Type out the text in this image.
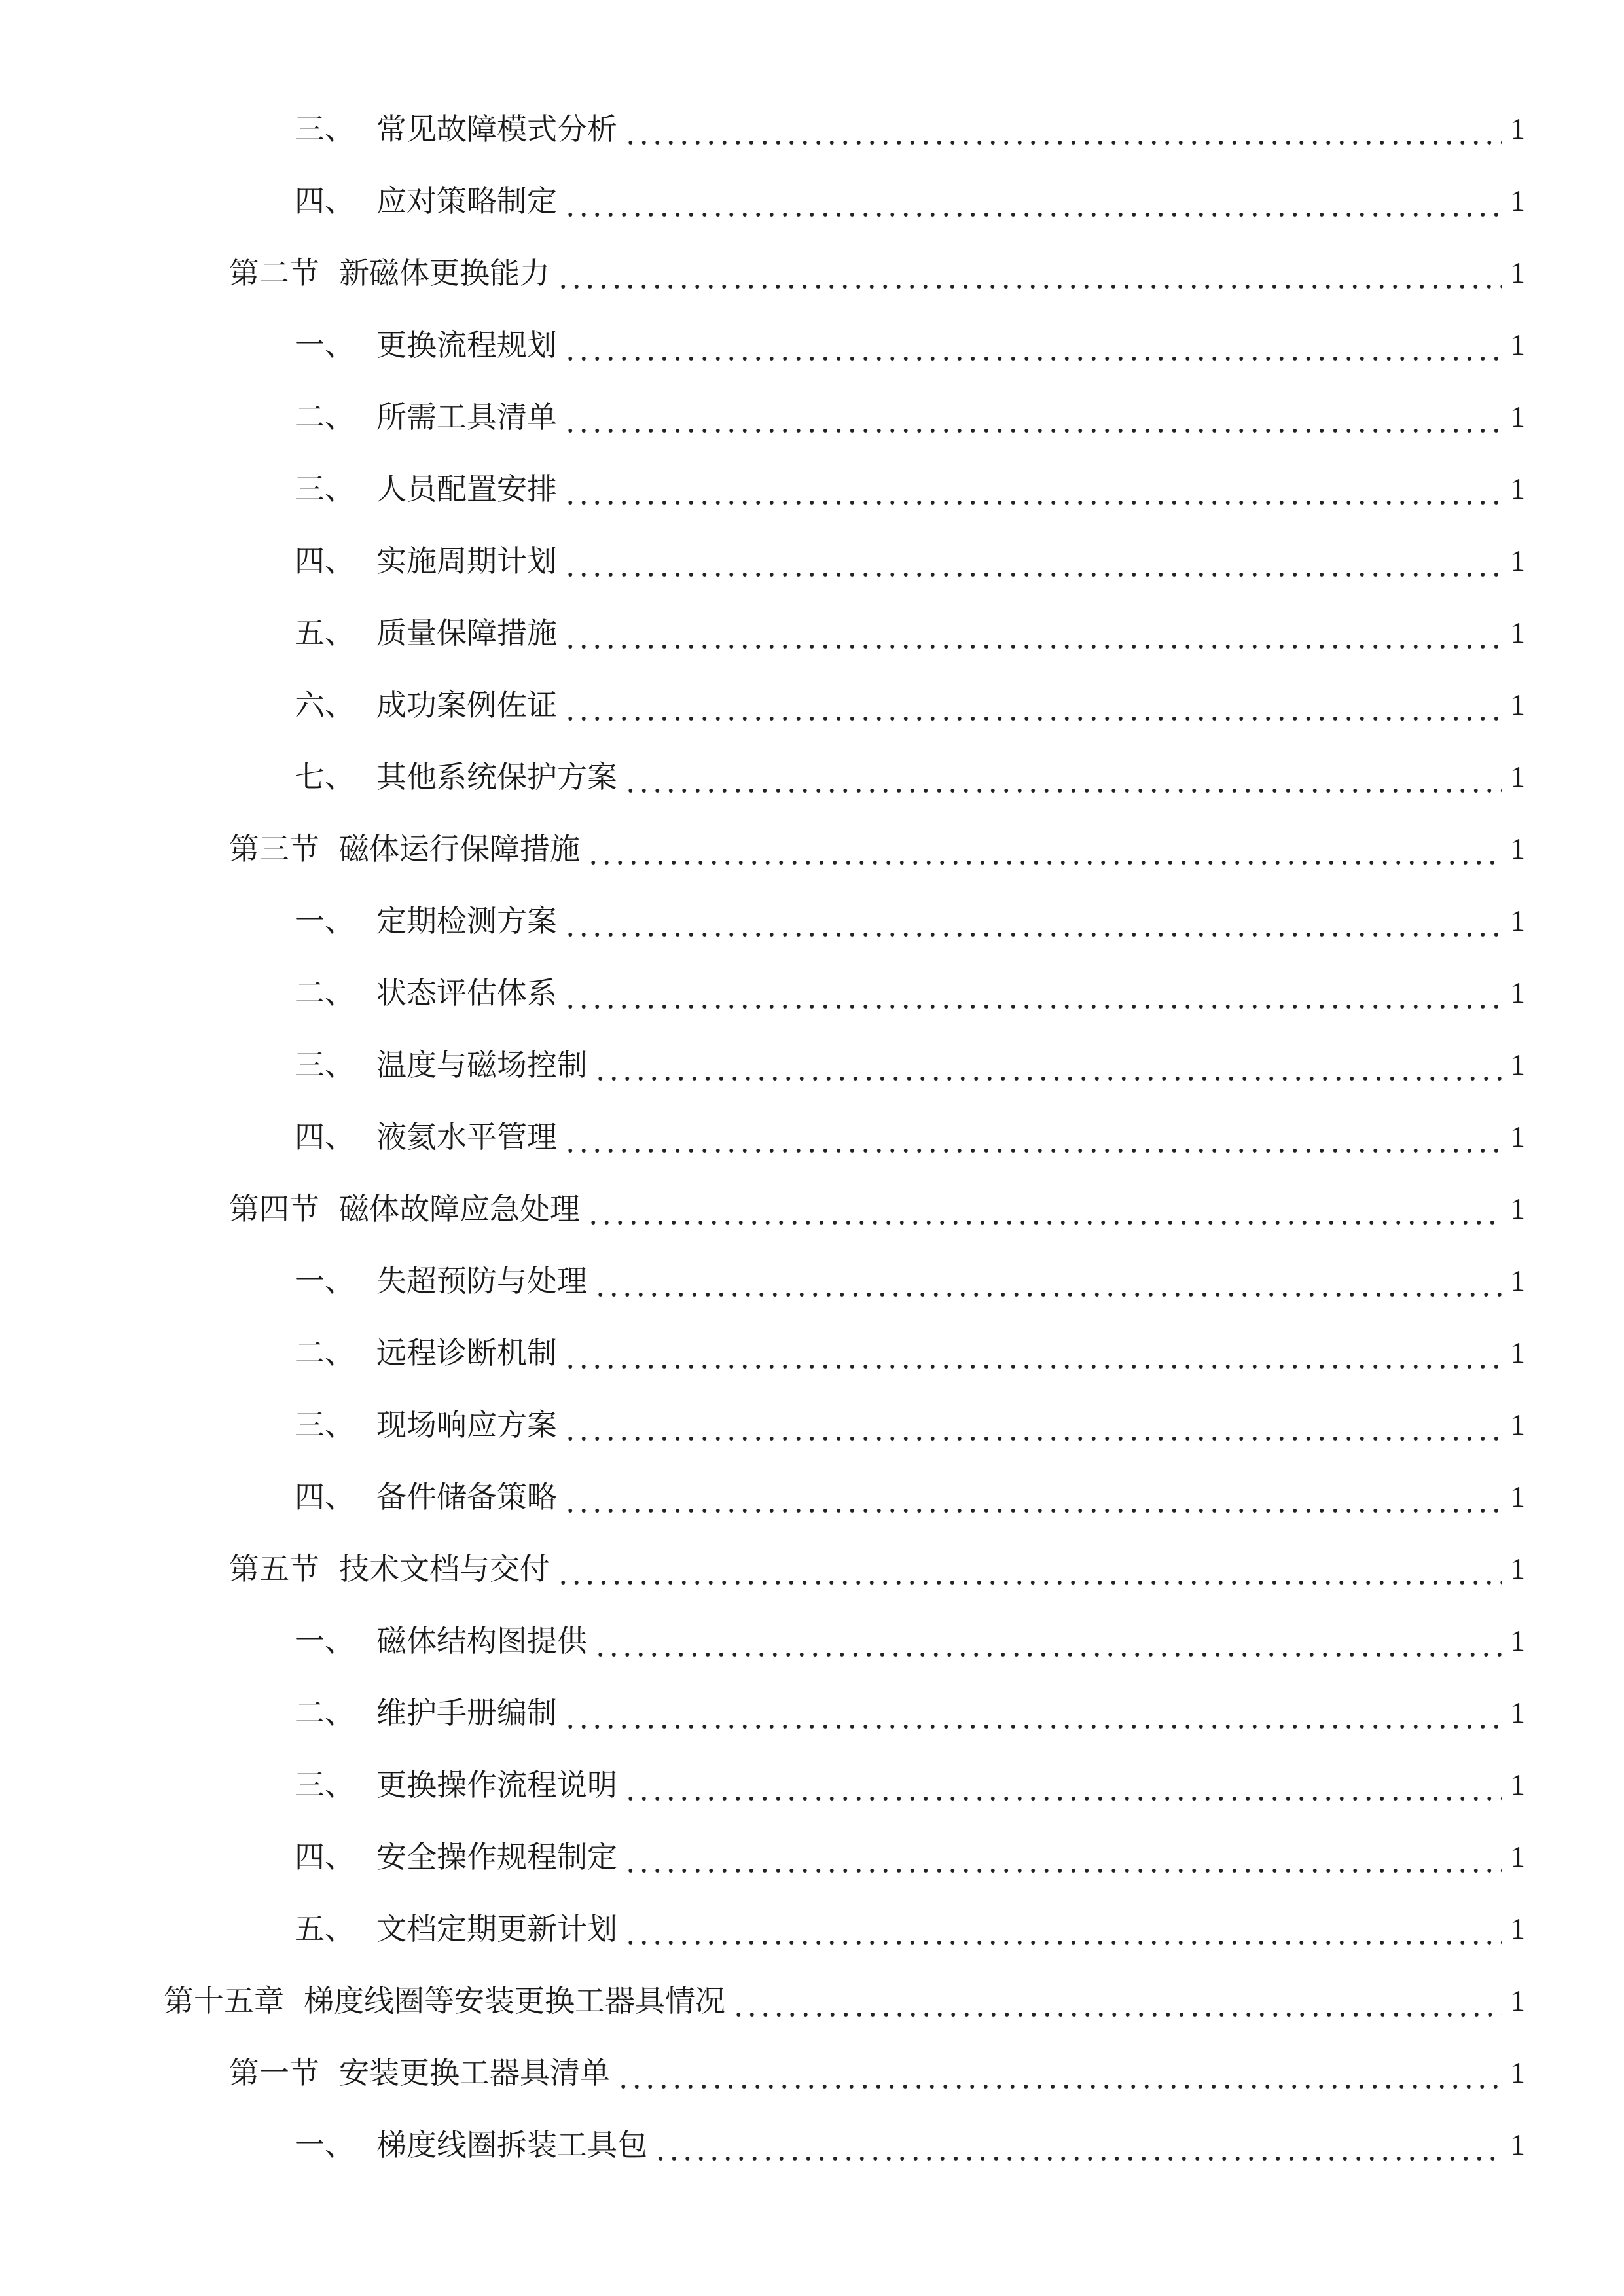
三、 常见故障模式分析	1
四、 应对策略制定	1
第二节 新磁体更换能力	1
一、 更换流程规划	1
二、 所需工具清单	1
三、 人员配置安排	1
四、 实施周期计划	1
五、 质量保障措施	1
六、 成功案例佐证	1
七、 其他系统保护方案	1
第三节 磁体运行保障措施	1
一、 定期检测方案	1
二、 状态评估体系	1
三、 温度与磁场控制	1
四、 液氦水平管理	1
第四节 磁体故障应急处理	1
一、 失超预防与处理	1
二、 远程诊断机制	1
三、 现场响应方案	1
四、 备件储备策略	1
第五节 技术文档与交付	1
一、 磁体结构图提供	1
二、 维护手册编制	1
三、 更换操作流程说明	1
四、 安全操作规程制定	1
五、 文档定期更新计划	1
第十五章 梯度线圈等安装更换工器具情况	1
第一节 安装更换工器具清单	1
一、 梯度线圈拆装工具包	1
